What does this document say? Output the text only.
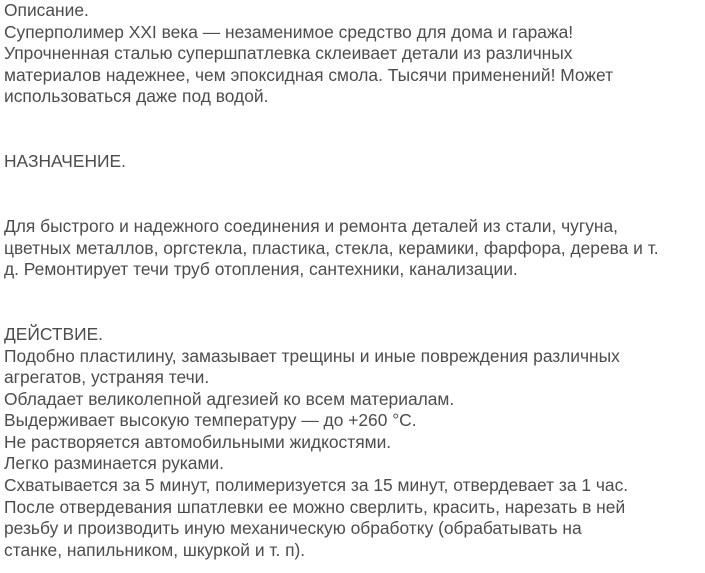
Описание.
Суперполимер XXI века — незаменимое средство для дома и гаража!
Упрочненная сталью супершпатлевка склеивает детали из различных
материалов надежнее, чем эпоксидная смола. Тысячи применений! Может
использоваться даже под водой.
НАЗНАЧЕНИЕ.
Для быстрого и надежного соединения и ремонта деталей из стали, чугуна,
цветных металлов, оргстекла, пластика, стекла, керамики, фарфора, дерева и т.
д. Ремонтирует течи труб отопления, сантехники, канализации.
ДЕЙСТВИЕ.
Подобно пластилину, замазывает трещины и иные повреждения различных
агрегатов, устраняя течи.
Обладает великолепной адгезией ко всем материалам.
Выдерживает высокую температуру — до +260 °С.
Не растворяется автомобильными жидкостями.
Легко разминается руками.
Схватывается за 5 минут, полимеризуется за 15 минут, отвердевает за 1 час.
После отвердевания шпатлевки ее можно сверлить, красить, нарезать в ней
резьбу и производить иную механическую обработку (обрабатывать на
станке, напильником, шкуркой и т. п).
